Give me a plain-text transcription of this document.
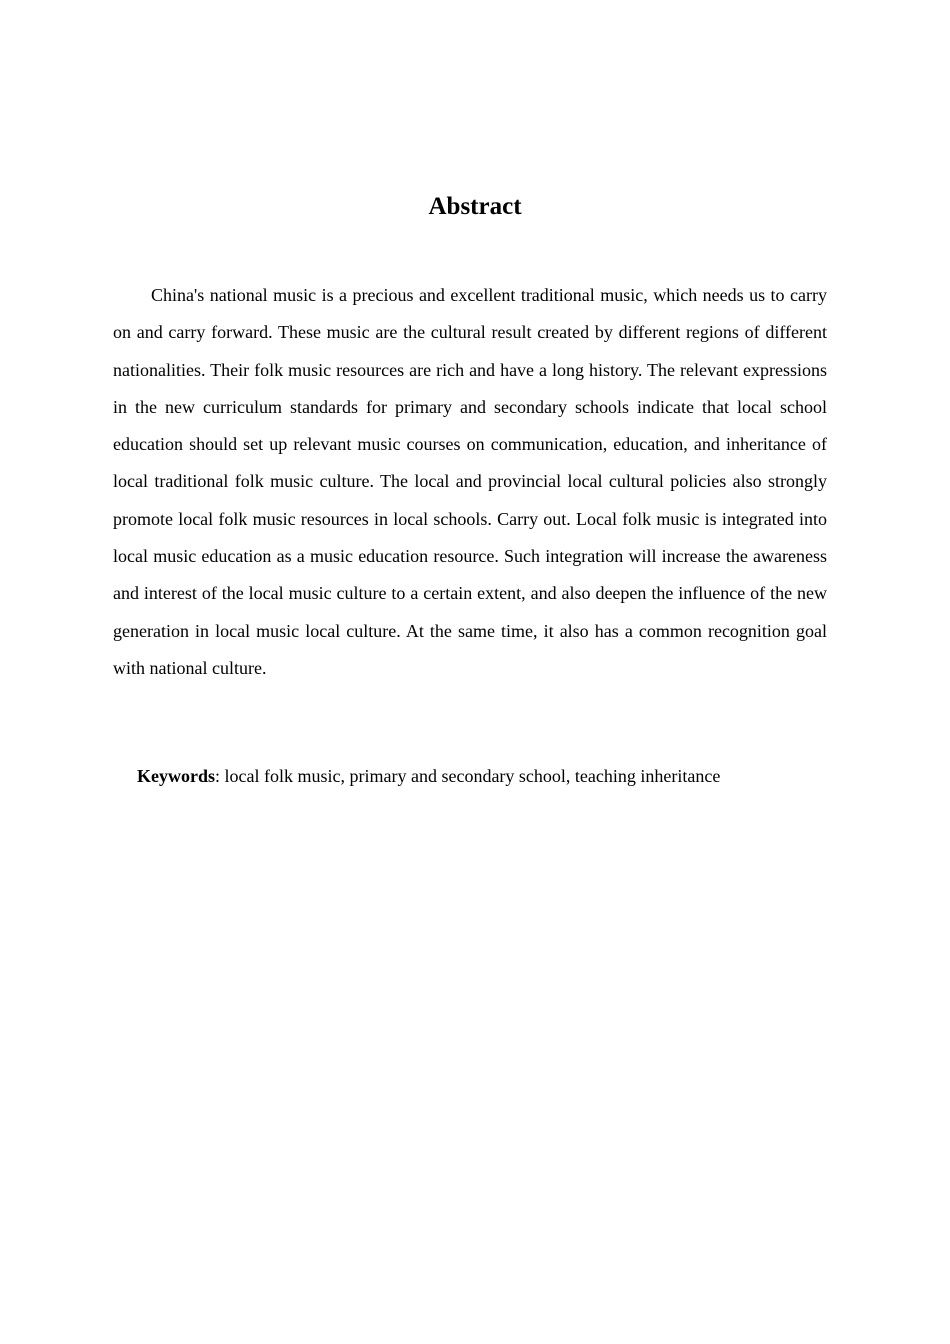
Abstract

China's national music is a precious and excellent traditional music, which needs us to carry on and carry forward. These music are the cultural result created by different regions of different nationalities. Their folk music resources are rich and have a long history. The relevant expressions in the new curriculum standards for primary and secondary schools indicate that local school education should set up relevant music courses on communication, education, and inheritance of local traditional folk music culture. The local and provincial local cultural policies also strongly promote local folk music resources in local schools. Carry out. Local folk music is integrated into local music education as a music education resource. Such integration will increase the awareness and interest of the local music culture to a certain extent, and also deepen the influence of the new generation in local music local culture. At the same time, it also has a common recognition goal with national culture.

Keywords: local folk music, primary and secondary school, teaching inheritance
